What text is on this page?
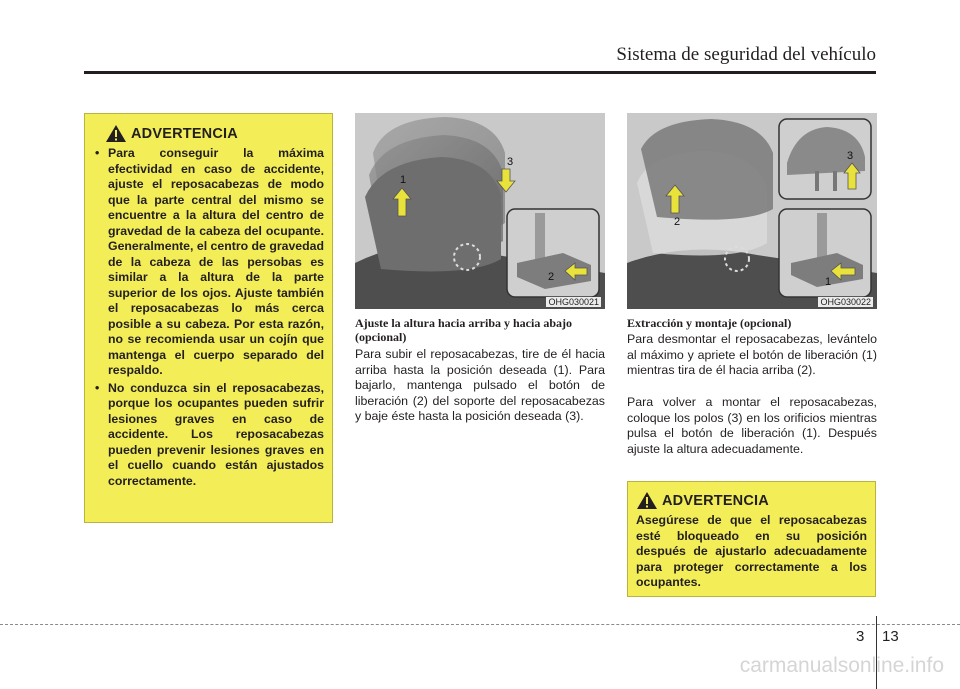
Sistema de seguridad del vehículo
ADVERTENCIA
• Para conseguir la máxima efectividad en caso de accidente, ajuste el reposacabezas de modo que la parte central del mismo se encuentre a la altura del centro de gravedad de la cabeza del ocupante. Generalmente, el centro de gravedad de la cabeza de las persobas es similar a la altura de la parte superior de los ojos. Ajuste también el reposacabezas lo más cerca posible a su cabeza. Por esta razón, no se recomienda usar un cojín que mantenga el cuerpo separado del respaldo.
• No conduzca sin el reposacabezas, porque los ocupantes pueden sufrir lesiones graves en caso de accidente. Los reposacabezas pueden prevenir lesiones graves en el cuello cuando están ajustados correctamente.
1
3
2
OHG030021
Ajuste la altura hacia arriba y hacia abajo (opcional)

Para subir el reposacabezas, tire de él hacia arriba hasta la posición deseada (1). Para bajarlo, mantenga pulsado el botón de liberación (2) del soporte del reposacabezas y baje éste hasta la posición deseada (3).

2
3
1
OHG030022
Extracción y montaje (opcional)

Para desmontar el reposacabezas, levántelo al máximo y apriete el botón de liberación (1) mientras tira de él hacia arriba (2).

Para volver a montar el reposacabezas, coloque los polos (3) en los orificios mientras pulsa el botón de liberación (1). Después ajuste la altura adecuadamente.

ADVERTENCIA
Asegúrese de que el reposacabezas esté bloqueado en su posición después de ajustarlo adecuadamente para proteger correctamente a los ocupantes.
3 13
carmanualsonline.info
